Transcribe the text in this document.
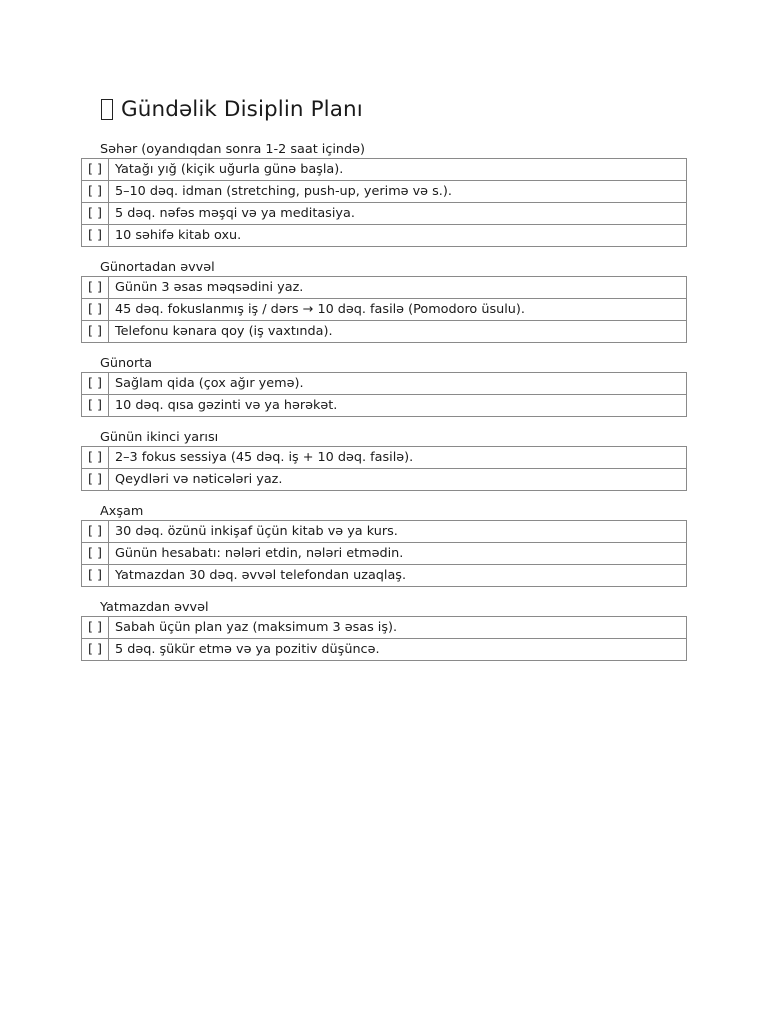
Gündəlik Disiplin Planı
Səhər (oyandıqdan sonra 1-2 saat içində)
[ ]	Yatağı yığ (kiçik uğurla günə başla).
[ ]	5–10 dəq. idman (stretching, push-up, yerimə və s.).
[ ]	5 dəq. nəfəs məşqi və ya meditasiya.
[ ]	10 səhifə kitab oxu.
Günortadan əvvəl
[ ]	Günün 3 əsas məqsədini yaz.
[ ]	45 dəq. fokuslanmış iş / dərs → 10 dəq. fasilə (Pomodoro üsulu).
[ ]	Telefonu kənara qoy (iş vaxtında).
Günorta
[ ]	Sağlam qida (çox ağır yemə).
[ ]	10 dəq. qısa gəzinti və ya hərəkət.
Günün ikinci yarısı
[ ]	2–3 fokus sessiya (45 dəq. iş + 10 dəq. fasilə).
[ ]	Qeydləri və nəticələri yaz.
Axşam
[ ]	30 dəq. özünü inkişaf üçün kitab və ya kurs.
[ ]	Günün hesabatı: nələri etdin, nələri etmədin.
[ ]	Yatmazdan 30 dəq. əvvəl telefondan uzaqlaş.
Yatmazdan əvvəl
[ ]	Sabah üçün plan yaz (maksimum 3 əsas iş).
[ ]	5 dəq. şükür etmə və ya pozitiv düşüncə.
